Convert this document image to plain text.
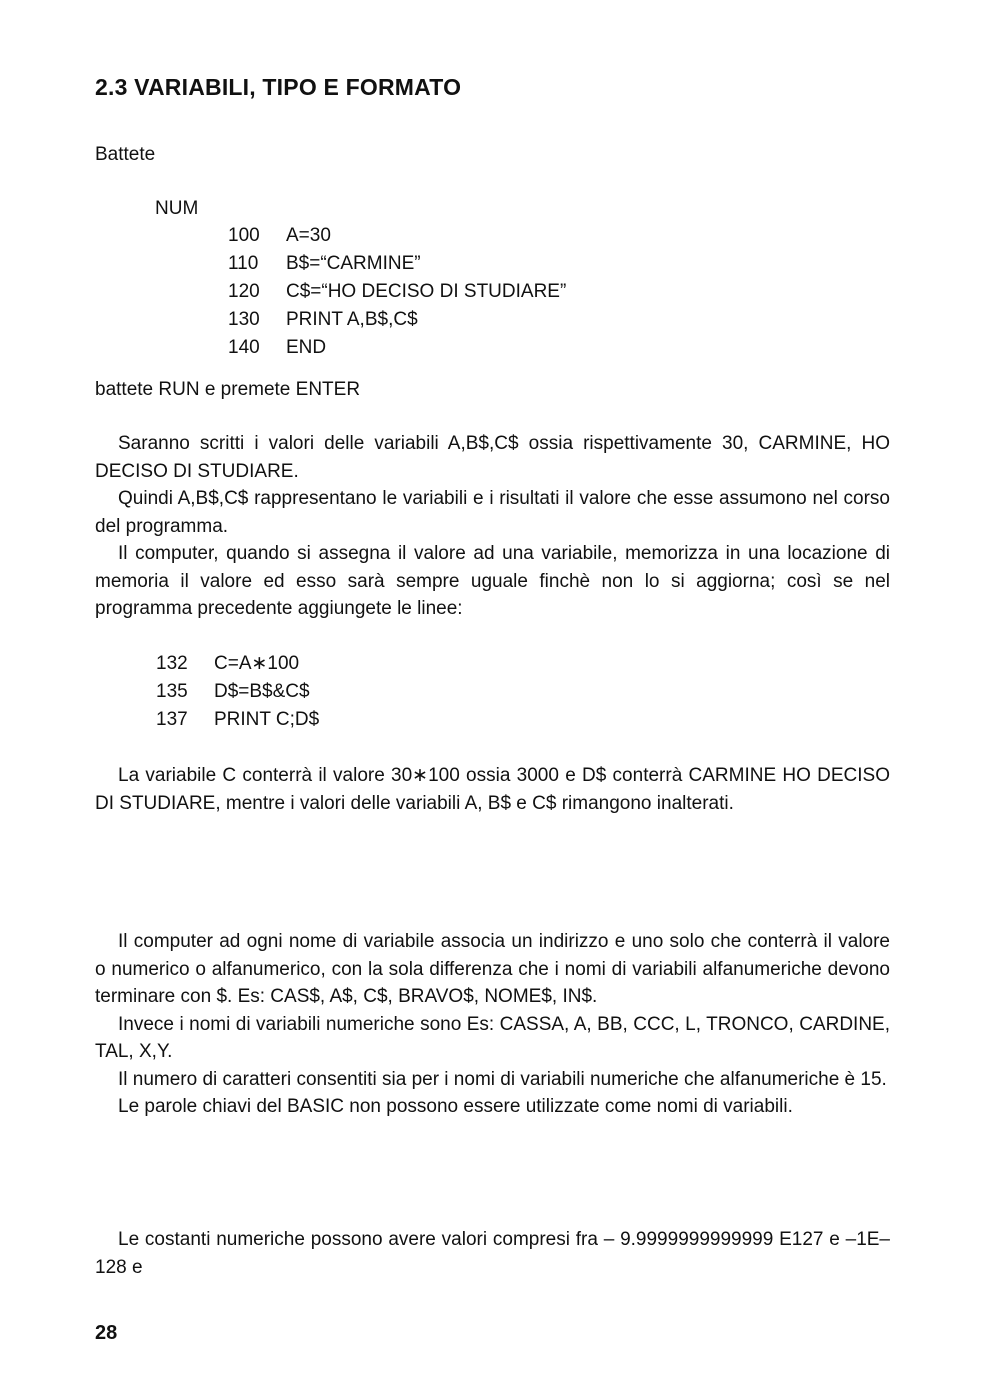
2.3 VARIABILI, TIPO E FORMATO
Battete
NUM
100 A=30
110 B$=“CARMINE”
120 C$=“HO DECISO DI STUDIARE”
130 PRINT A,B$,C$
140 END
battete RUN e premete ENTER

Saranno scritti i valori delle variabili A,B$,C$ ossia rispettivamente 30, CARMINE, HO DECISO DI STUDIARE.

Quindi A,B$,C$ rappresentano le variabili e i risultati il valore che esse assumono nel corso del programma.

Il computer, quando si assegna il valore ad una variabile, memorizza in una locazione di memoria il valore ed esso sarà sempre uguale finchè non lo si aggiorna; così se nel programma precedente aggiungete le linee:

132 C=A∗100
135 D$=B$&C$
137 PRINT C;D$

La variabile C conterrà il valore 30∗100 ossia 3000 e D$ conterrà CARMINE HO DECISO DI STUDIARE, mentre i valori delle variabili A, B$ e C$ rimangono inalterati.

Il computer ad ogni nome di variabile associa un indirizzo e uno solo che conterrà il valore o numerico o alfanumerico, con la sola differenza che i nomi di variabili alfanumeriche devono terminare con $. Es: CAS$, A$, C$, BRAVO$, NOME$, IN$.

Invece i nomi di variabili numeriche sono Es: CASSA, A, BB, CCC, L, TRONCO, CARDINE, TAL, X,Y.

Il numero di caratteri consentiti sia per i nomi di variabili numeriche che alfanumeriche è 15.

Le parole chiavi del BASIC non possono essere utilizzate come nomi di variabili.

Le costanti numeriche possono avere valori compresi fra – 9.9999999999999 E127 e –1E–128 e

28
